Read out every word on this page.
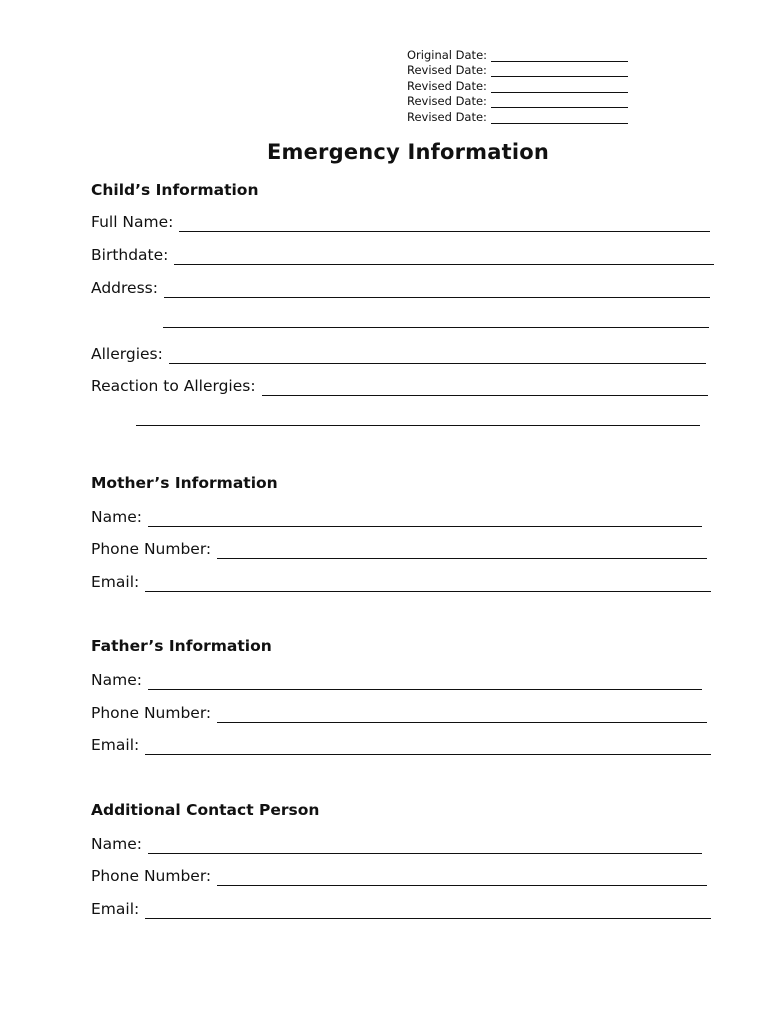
Original Date:
Revised Date:
Revised Date:
Revised Date:
Revised Date:
Emergency Information
Child’s Information
Full Name:
Birthdate:
Address:
Allergies:
Reaction to Allergies:
Mother’s Information
Name:
Phone Number:
Email:
Father’s Information
Name:
Phone Number:
Email:
Additional Contact Person
Name:
Phone Number:
Email:
